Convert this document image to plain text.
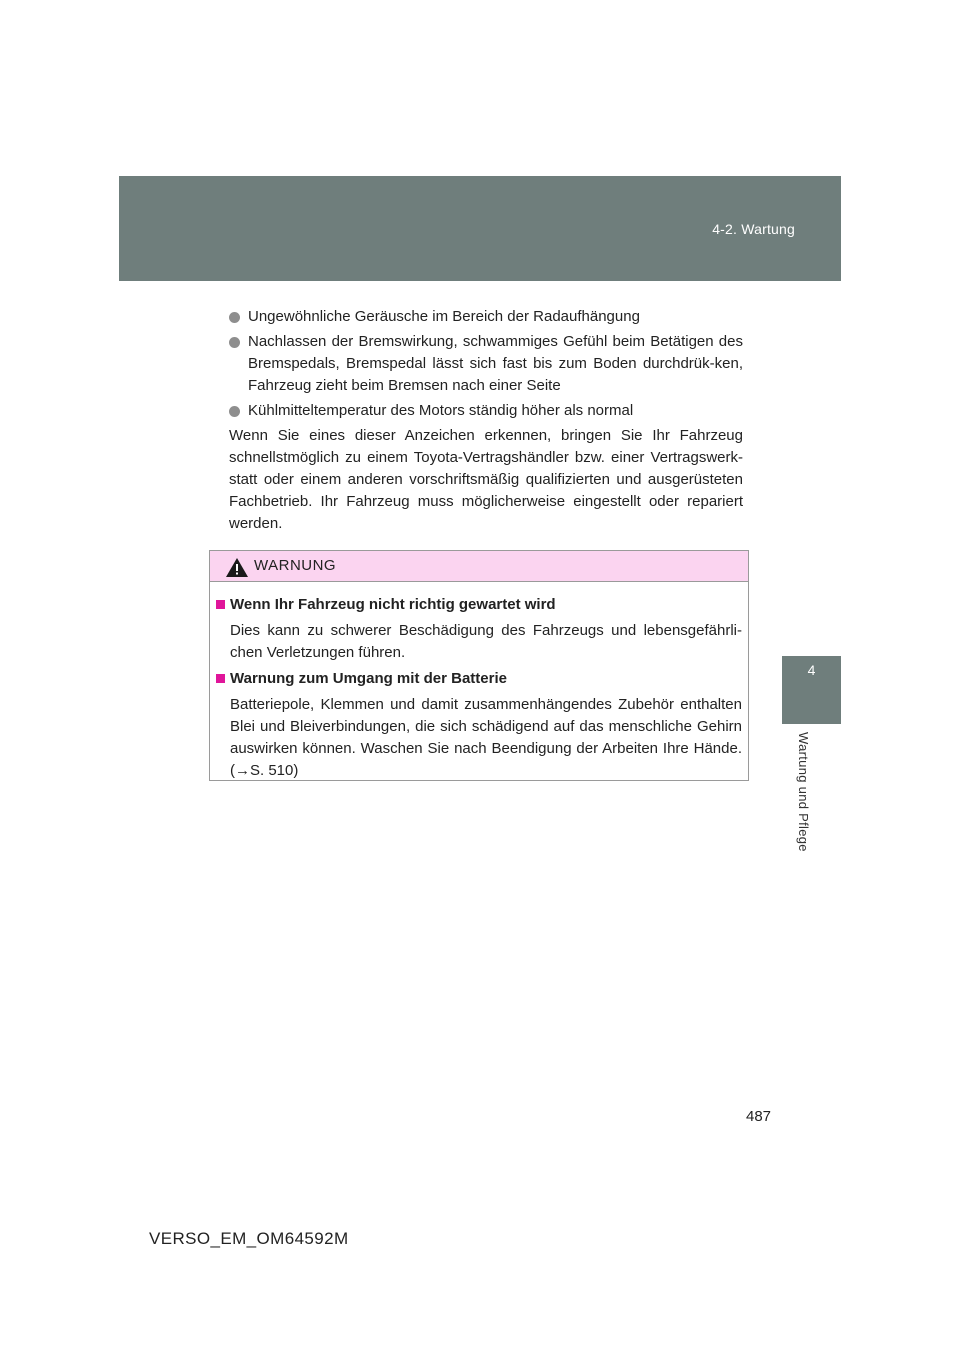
4-2. Wartung
4
Wartung und Pflege
Ungewöhnliche Geräusche im Bereich der Radaufhängung
Nachlassen der Bremswirkung, schwammiges Gefühl beim Betätigen des Bremspedals, Bremspedal lässt sich fast bis zum Boden durchdrük-ken, Fahrzeug zieht beim Bremsen nach einer Seite
Kühlmitteltemperatur des Motors ständig höher als normal
Wenn Sie eines dieser Anzeichen erkennen, bringen Sie Ihr Fahrzeug schnellstmöglich zu einem Toyota-Vertragshändler bzw. einer Vertragswerk-statt oder einem anderen vorschriftsmäßig qualifizierten und ausgerüsteten Fachbetrieb. Ihr Fahrzeug muss möglicherweise eingestellt oder repariert werden.
WARNUNG
Wenn Ihr Fahrzeug nicht richtig gewartet wird
Dies kann zu schwerer Beschädigung des Fahrzeugs und lebensgefährli-chen Verletzungen führen.
Warnung zum Umgang mit der Batterie
Batteriepole, Klemmen und damit zusammenhängendes Zubehör enthalten Blei und Bleiverbindungen, die sich schädigend auf das menschliche Gehirn auswirken können. Waschen Sie nach Beendigung der Arbeiten Ihre Hände. (→S. 510)
487
VERSO_EM_OM64592M
